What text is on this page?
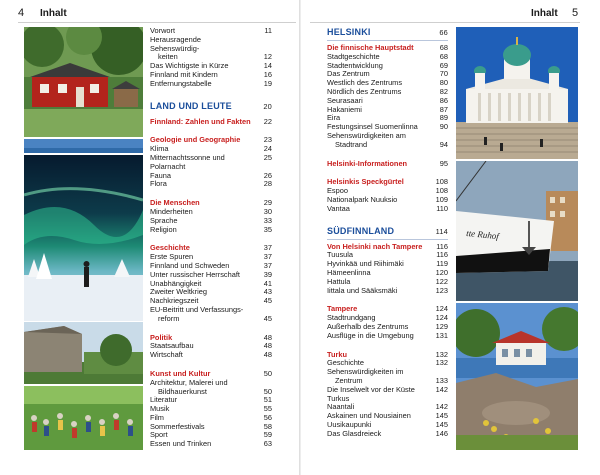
4 Inhalt
Vorwort	11
Herausragende Sehenswürdig-
keiten	12
Das Wichtigste in Kürze	14
Finnland mit Kindern	16
Entfernungstabelle	19
LAND UND LEUTE	20
Finnland: Zahlen und Fakten	22
Geologie und Geographie	23
Klima	24
Mitternachtssonne und Polarnacht
25
Fauna	26
Flora	28
Die Menschen	29
Minderheiten	30
Sprache	33
Religion	35
Geschichte	37
Erste Spuren	37
Finnland und Schweden	37
Unter russischer Herrschaft	39
Unabhängigkeit	41
Zweiter Weltkrieg	43
Nachkriegszeit	45
EU-Beitritt und Verfassungs-
reform	45
Politik	48
Staatsaufbau	48
Wirtschaft	48
Kunst und Kultur	50
Architektur, Malerei und
Bildhauerkunst	50
Literatur	51
Musik	55
Film	56
Sommerfestivals	58
Sport	59
Essen und Trinken	63
Inhalt 5
HELSINKI	66
Die finnische Hauptstadt	68
Stadtgeschichte	68
Stadtentwicklung	69
Das Zentrum	70
Westlich des Zentrums	80
Nördlich des Zentrums	82
Seurasaari	86
Hakaniemi	87
Eira	89
Festungsinsel Suomenlinna	90
Sehenswürdigkeiten am
Stadtrand	94
Helsinki-Informationen	95
Helsinkis Speckgürtel	108
Espoo	108
Nationalpark Nuuksio	109
Vantaa	110
SÜDFINNLAND	114
Von Helsinki nach Tampere	116
Tuusula	116
Hyvinkää und Riihimäki	119
Hämeenlinna	120
Hattula	122
Iittala und Sääksmäki	123
Tampere	124
Stadtrundgang	124
Außerhalb des Zentrums	129
Ausflüge in die Umgebung	131
Turku	132
Geschichte	132
Sehenswürdigkeiten im
Zentrum	133
Die Inselwelt vor der Küste Turkus
142
Naantali	142
Askainen und Nousiainen	145
Uusikaupunki	145
Das Glasdreieck	146
tte Ruhof
